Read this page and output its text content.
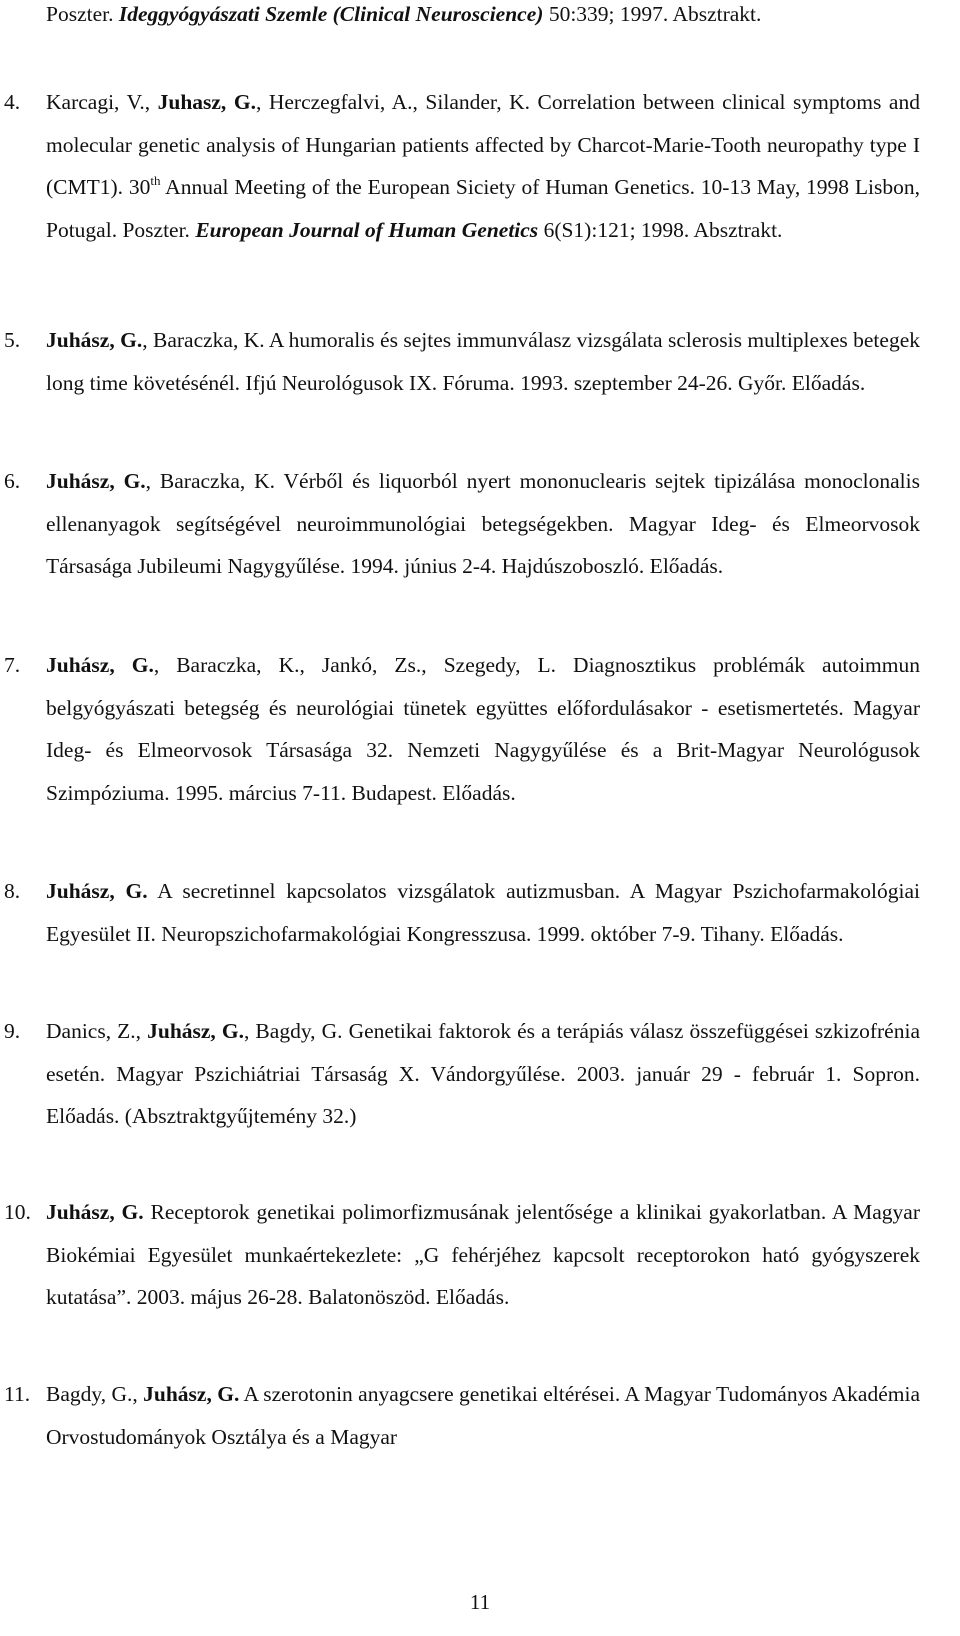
Poszter. Ideggyógyászati Szemle (Clinical Neuroscience) 50:339; 1997. Absztrakt.
4. Karcagi, V., Juhasz, G., Herczegfalvi, A., Silander, K. Correlation between clinical symptoms and molecular genetic analysis of Hungarian patients affected by Charcot-Marie-Tooth neuropathy type I (CMT1). 30th Annual Meeting of the European Siciety of Human Genetics. 10-13 May, 1998 Lisbon, Potugal. Poszter. European Journal of Human Genetics 6(S1):121; 1998. Absztrakt.
5. Juhász, G., Baraczka, K. A humoralis és sejtes immunválasz vizsgálata sclerosis multiplexes betegek long time követésénél. Ifjú Neurológusok IX. Fóruma. 1993. szeptember 24-26. Győr. Előadás.
6. Juhász, G., Baraczka, K. Vérből és liquorból nyert mononuclearis sejtek tipizálása monoclonalis ellenanyagok segítségével neuroimmunológiai betegségekben. Magyar Ideg- és Elmeorvosok Társasága Jubileumi Nagygyűlése. 1994. június 2-4. Hajdúszoboszló. Előadás.
7. Juhász, G., Baraczka, K., Jankó, Zs., Szegedy, L. Diagnosztikus problémák autoimmun belgyógyászati betegség és neurológiai tünetek együttes előfordulásakor - esetismertetés. Magyar Ideg- és Elmeorvosok Társasága 32. Nemzeti Nagygyűlése és a Brit-Magyar Neurológusok Szimpóziuma. 1995. március 7-11. Budapest. Előadás.
8. Juhász, G. A secretinnel kapcsolatos vizsgálatok autizmusban. A Magyar Pszichofarmakológiai Egyesület II. Neuropszichofarmakológiai Kongresszusa. 1999. október 7-9. Tihany. Előadás.
9. Danics, Z., Juhász, G., Bagdy, G. Genetikai faktorok és a terápiás válasz összefüggései szkizofrénia esetén. Magyar Pszichiátriai Társaság X. Vándorgyűlése. 2003. január 29 - február 1. Sopron. Előadás. (Absztraktgyűjtemény 32.)
10. Juhász, G. Receptorok genetikai polimorfizmusának jelentősége a klinikai gyakorlatban. A Magyar Biokémiai Egyesület munkaértekezlete: „G fehérjéhez kapcsolt receptorokon ható gyógyszerek kutatása”. 2003. május 26-28. Balatonöszöd. Előadás.
11. Bagdy, G., Juhász, G. A szerotonin anyagcsere genetikai eltérései. A Magyar Tudományos Akadémia Orvostudományok Osztálya és a Magyar
11
